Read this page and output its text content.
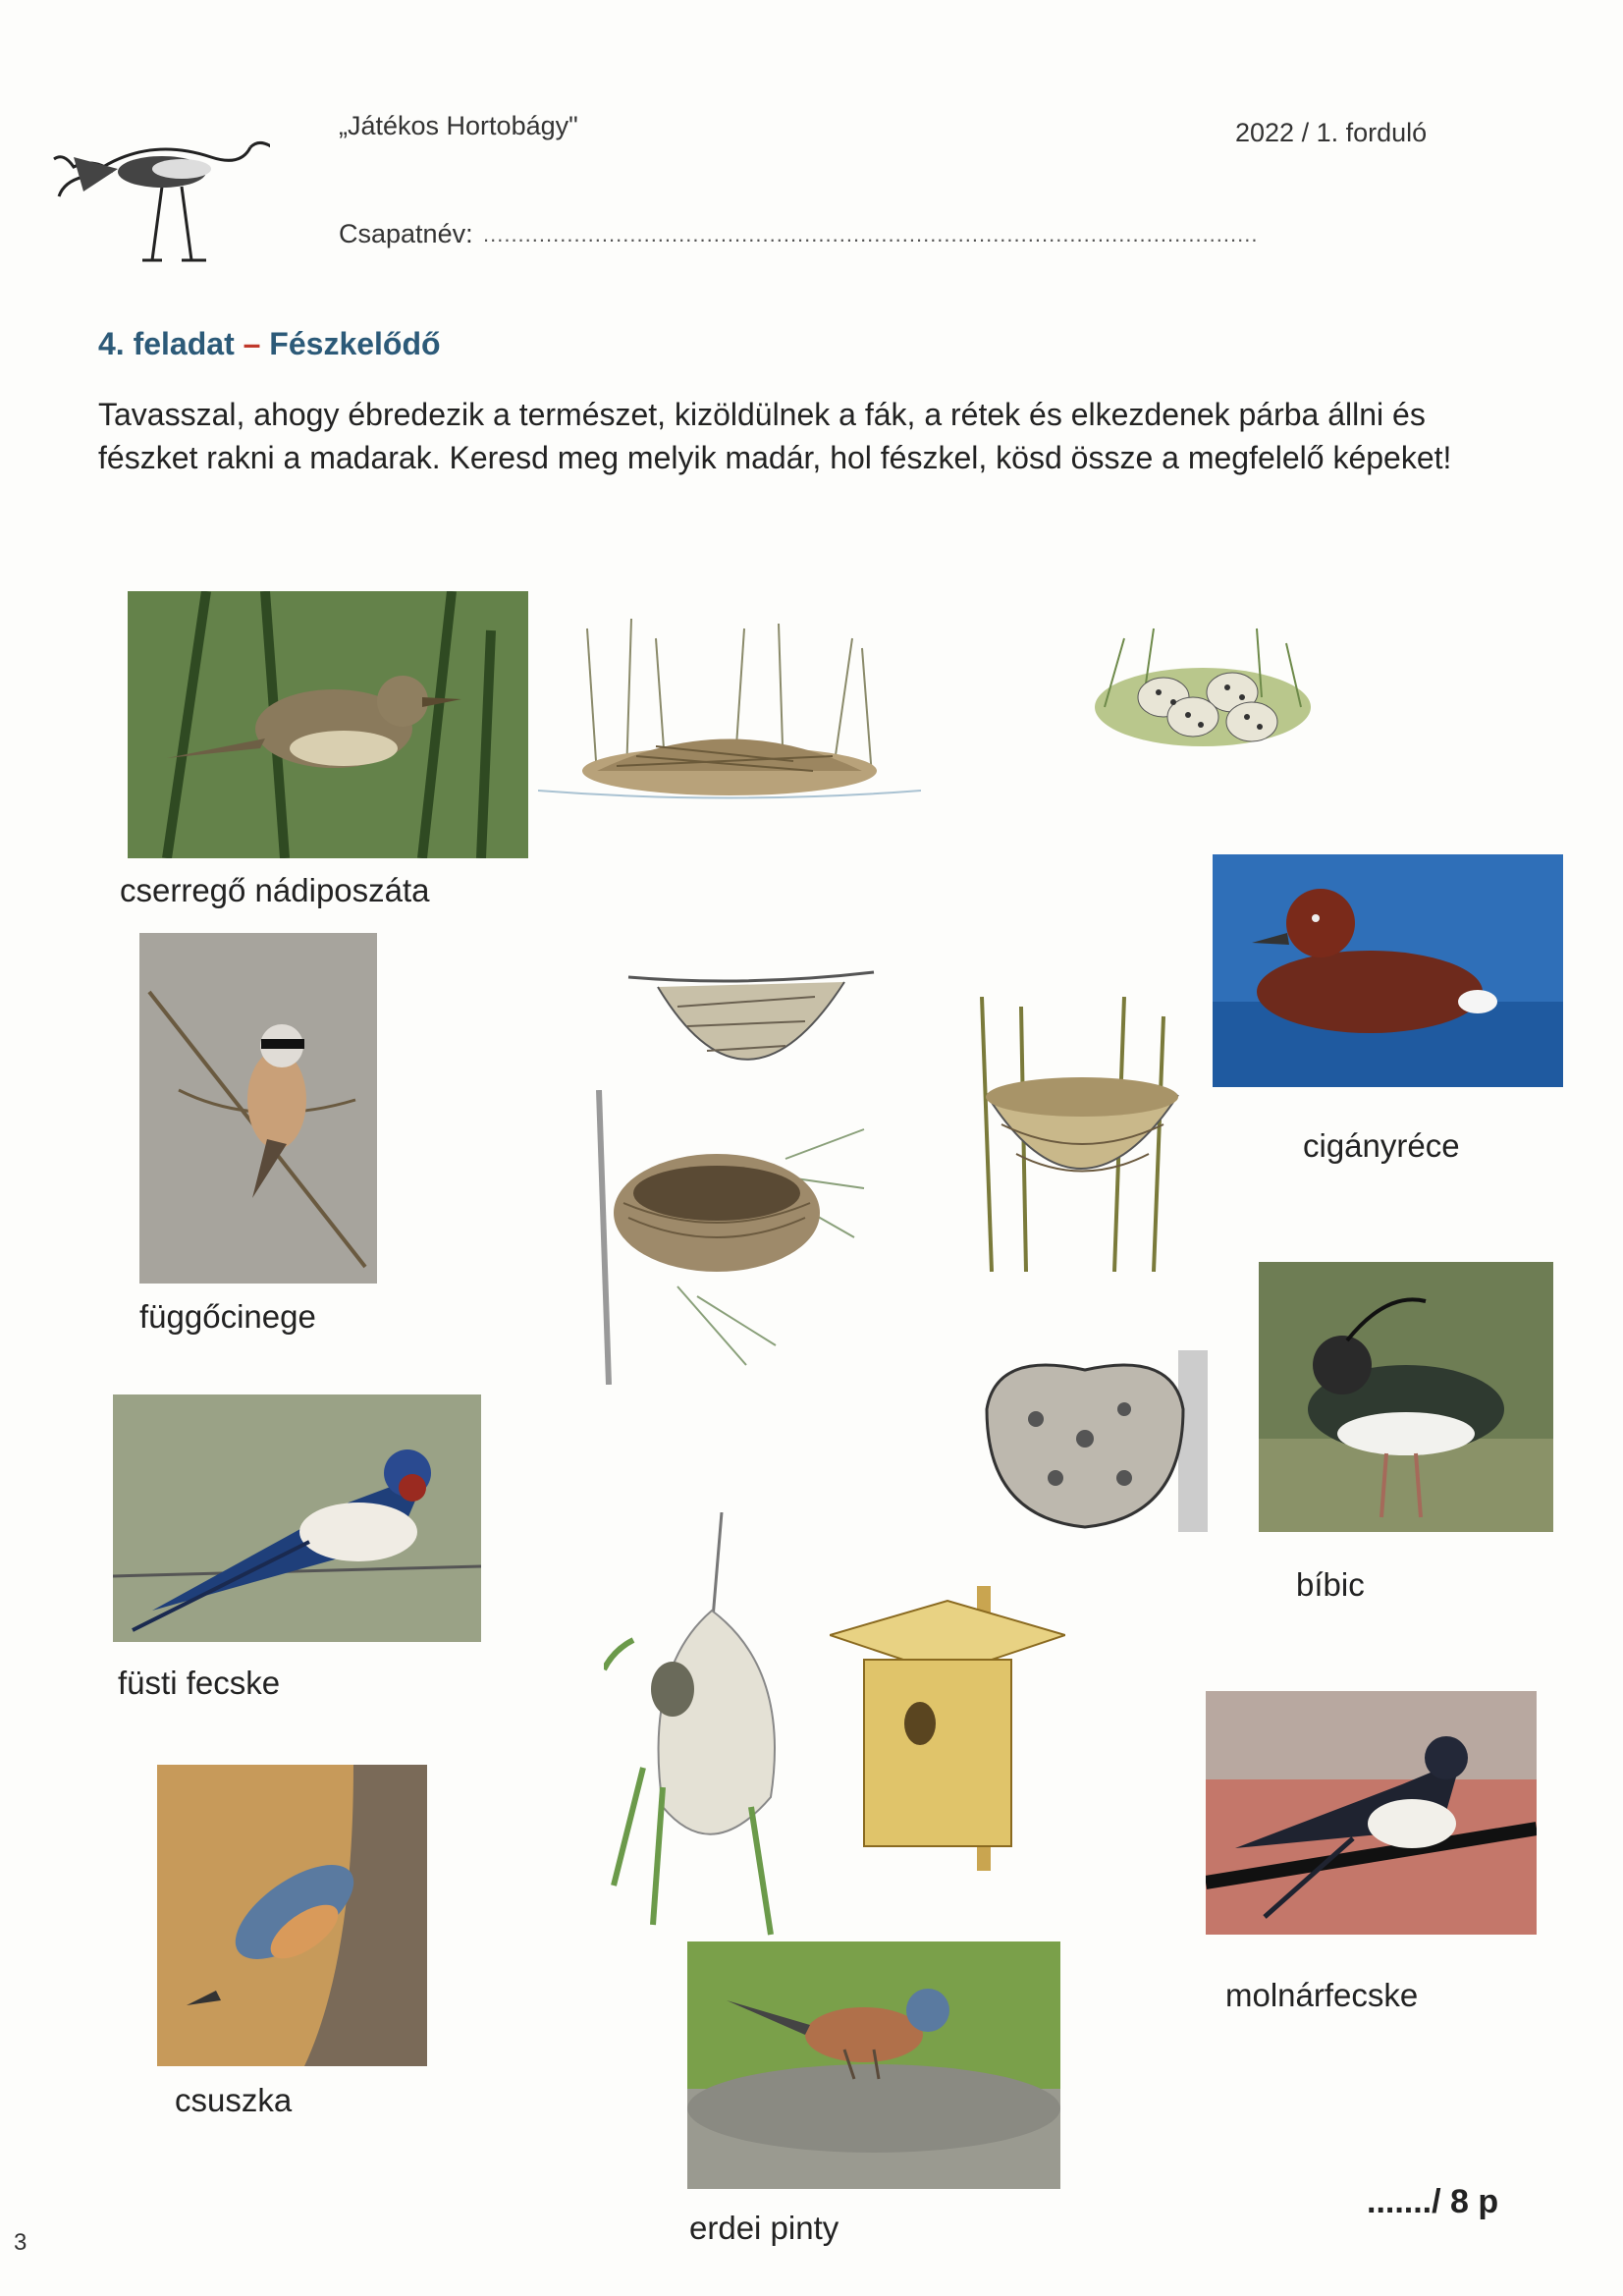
„Játékos Hortobágy"	2022 / 1. forduló
Csapatnév: ...............................................................................................................
4. feladat – Fészkelődő
Tavasszal, ahogy ébredezik a természet, kizöldülnek a fák, a rétek és elkezdenek párba állni és
fészket rakni a madarak. Keresd meg melyik madár, hol fészkel, kösd össze a megfelelő képeket!
cserregő nádiposzáta
cigányréce
függőcinege
bíbic
füsti fecske
molnárfecske
csuszka
erdei pinty
......./ 8 p
3
